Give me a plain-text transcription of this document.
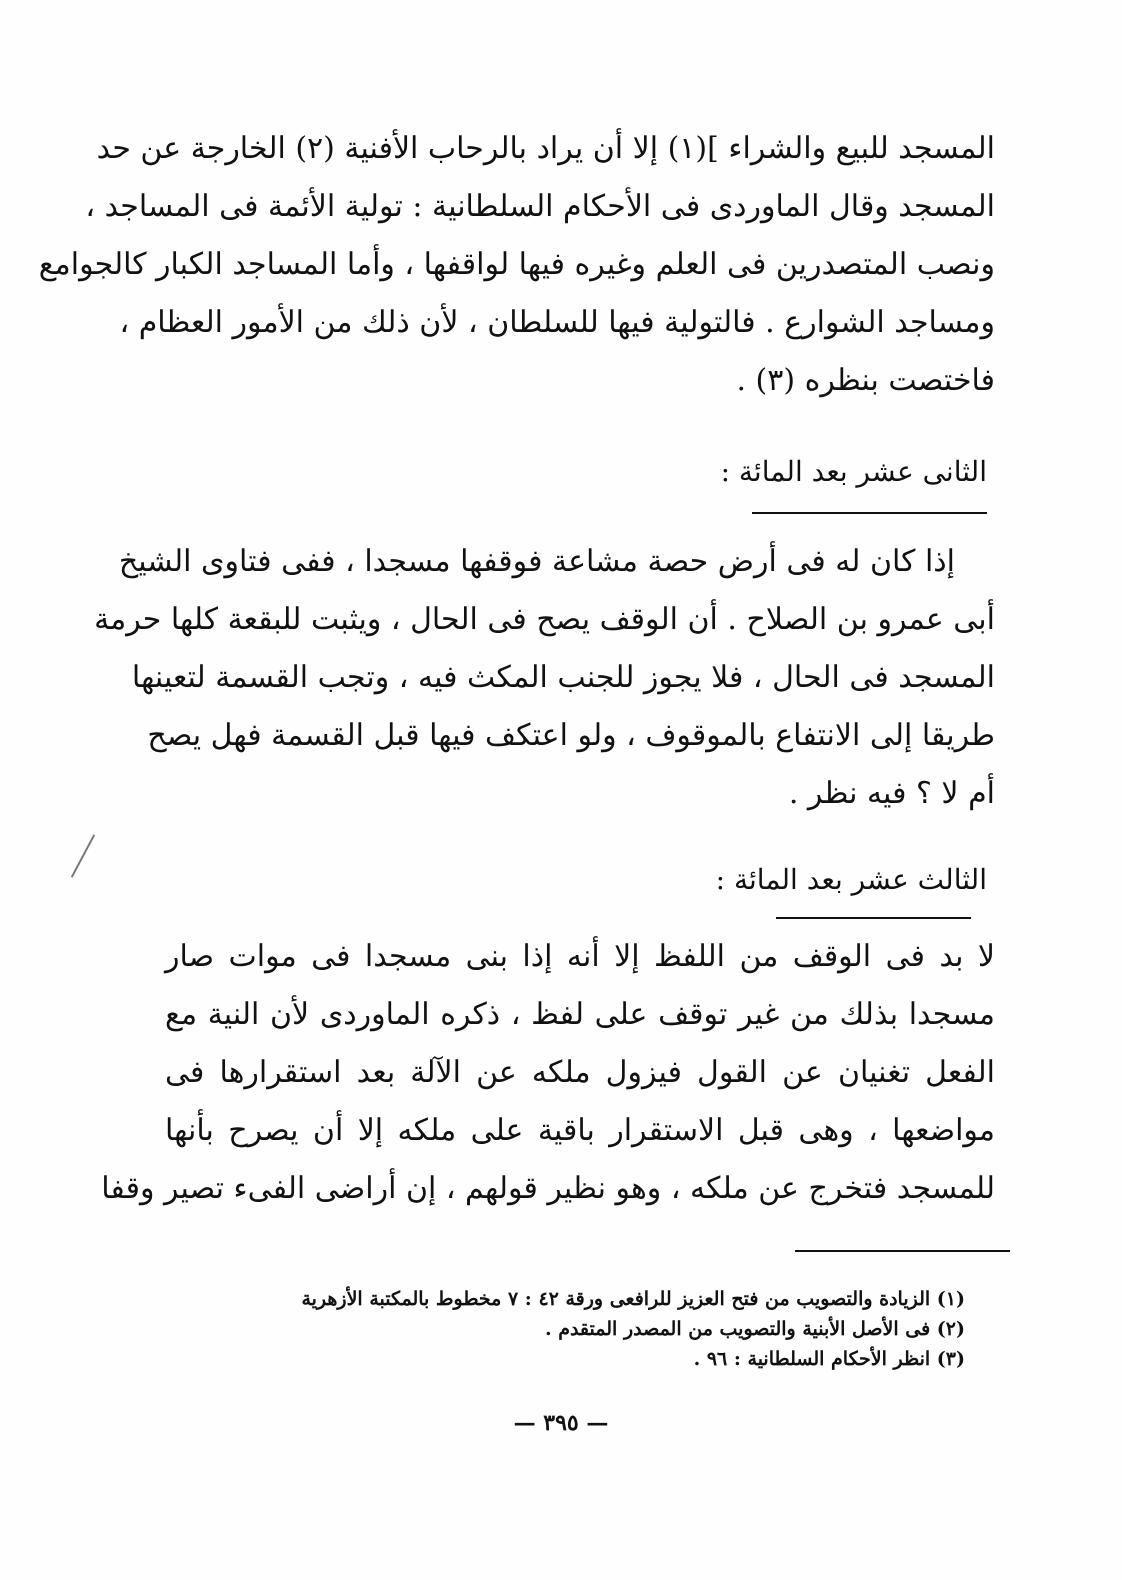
المسجد للبيع والشراء ](١) إلا أن يراد بالرحاب الأفنية (٢) الخارجة عن حد
المسجد وقال الماوردى فى الأحكام السلطانية : تولية الأئمة فى المساجد ،
ونصب المتصدرين فى العلم وغيره فيها لواقفها ، وأما المساجد الكبار كالجوامع
ومساجد الشوارع . فالتولية فيها للسلطان ، لأن ذلك من الأمور العظام ،
فاختصت بنظره (٣) .
الثانى عشر بعد المائة :
إذا كان له فى أرض حصة مشاعة فوقفها مسجدا ، ففى فتاوى الشيخ
أبى عمرو بن الصلاح . أن الوقف يصح فى الحال ، ويثبت للبقعة كلها حرمة
المسجد فى الحال ، فلا يجوز للجنب المكث فيه ، وتجب القسمة لتعينها
طريقا إلى الانتفاع بالموقوف ، ولو اعتكف فيها قبل القسمة فهل يصح
أم لا ؟ فيه نظر .
الثالث عشر بعد المائة :
لا بد فى الوقف من اللفظ إلا أنه إذا بنى مسجدا فى موات صار
مسجدا بذلك من غير توقف على لفظ ، ذكره الماوردى لأن النية مع
الفعل تغنيان عن القول فيزول ملكه عن الآلة بعد استقرارها فى
مواضعها ، وهى قبل الاستقرار باقية على ملكه إلا أن يصرح بأنها
للمسجد فتخرج عن ملكه ، وهو نظير قولهم ، إن أراضى الفىء تصير وقفا
(١) الزيادة والتصويب من فتح العزيز للرافعى ورقة ٤٢ : ٧ مخطوط بالمكتبة الأزهرية
(٢) فى الأصل الأبنية والتصويب من المصدر المتقدم .
(٣) انظر الأحكام السلطانية : ٩٦ .
— ٣٩٥ —
